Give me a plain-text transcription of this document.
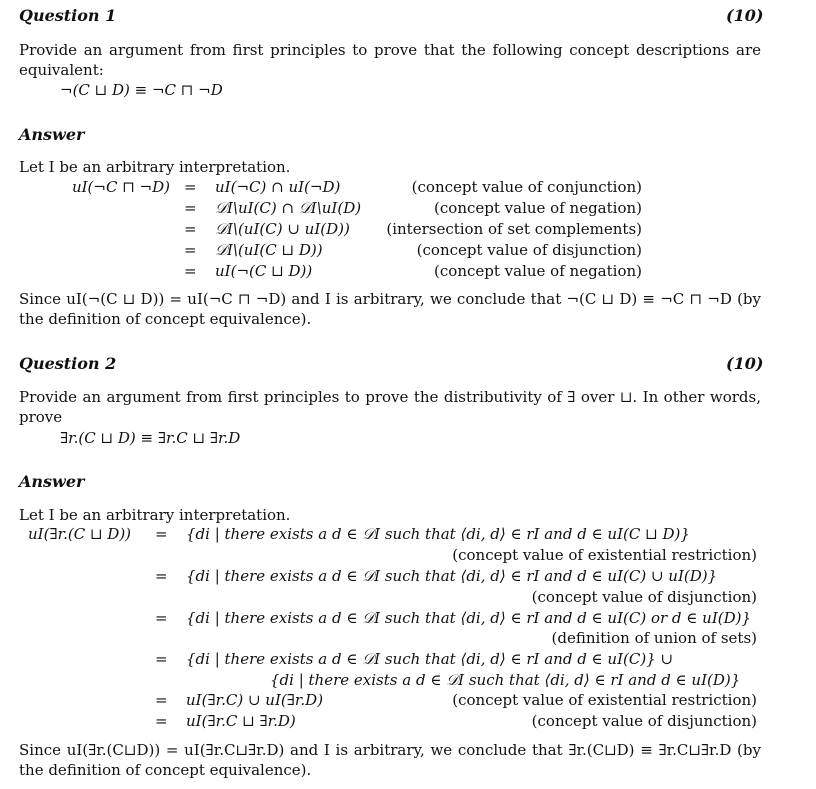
Question 1	(10)
Provide an argument from first principles to prove that the following concept descriptions are equivalent:
¬(C ⊔ D) ≡ ¬C ⊓ ¬D
Answer
Let I be an arbitrary interpretation.
uI(¬C ⊓ ¬D) = uI(¬C) ∩ uI(¬D)	(concept value of conjunction)
= 𝒟I\uI(C) ∩ 𝒟I\uI(D)	(concept value of negation)
= 𝒟I\(uI(C) ∪ uI(D))	(intersection of set complements)
= 𝒟I\(uI(C ⊔ D))	(concept value of disjunction)
= uI(¬(C ⊔ D))	(concept value of negation)
Since uI(¬(C ⊔ D)) = uI(¬C ⊓ ¬D) and I is arbitrary, we conclude that ¬(C ⊔ D) ≡ ¬C ⊓ ¬D (by the definition of concept equivalence).
Question 2	(10)
Provide an argument from first principles to prove the distributivity of ∃ over ⊔. In other words, prove
∃r.(C ⊔ D) ≡ ∃r.C ⊔ ∃r.D
Answer
Let I be an arbitrary interpretation.
uI(∃r.(C ⊔ D)) = {di | there exists a d ∈ 𝒟I such that ⟨di, d⟩ ∈ rI and d ∈ uI(C ⊔ D)}
(concept value of existential restriction)
= {di | there exists a d ∈ 𝒟I such that ⟨di, d⟩ ∈ rI and d ∈ uI(C) ∪ uI(D)}
(concept value of disjunction)
= {di | there exists a d ∈ 𝒟I such that ⟨di, d⟩ ∈ rI and d ∈ uI(C) or d ∈ uI(D)}
(definition of union of sets)
= {di | there exists a d ∈ 𝒟I such that ⟨di, d⟩ ∈ rI and d ∈ uI(C)} ∪
{di | there exists a d ∈ 𝒟I such that ⟨di, d⟩ ∈ rI and d ∈ uI(D)}
= uI(∃r.C) ∪ uI(∃r.D)	(concept value of existential restriction)
= uI(∃r.C ⊔ ∃r.D)	(concept value of disjunction)
Since uI(∃r.(C⊔D)) = uI(∃r.C⊔∃r.D) and I is arbitrary, we conclude that ∃r.(C⊔D) ≡ ∃r.C⊔∃r.D (by the definition of concept equivalence).
